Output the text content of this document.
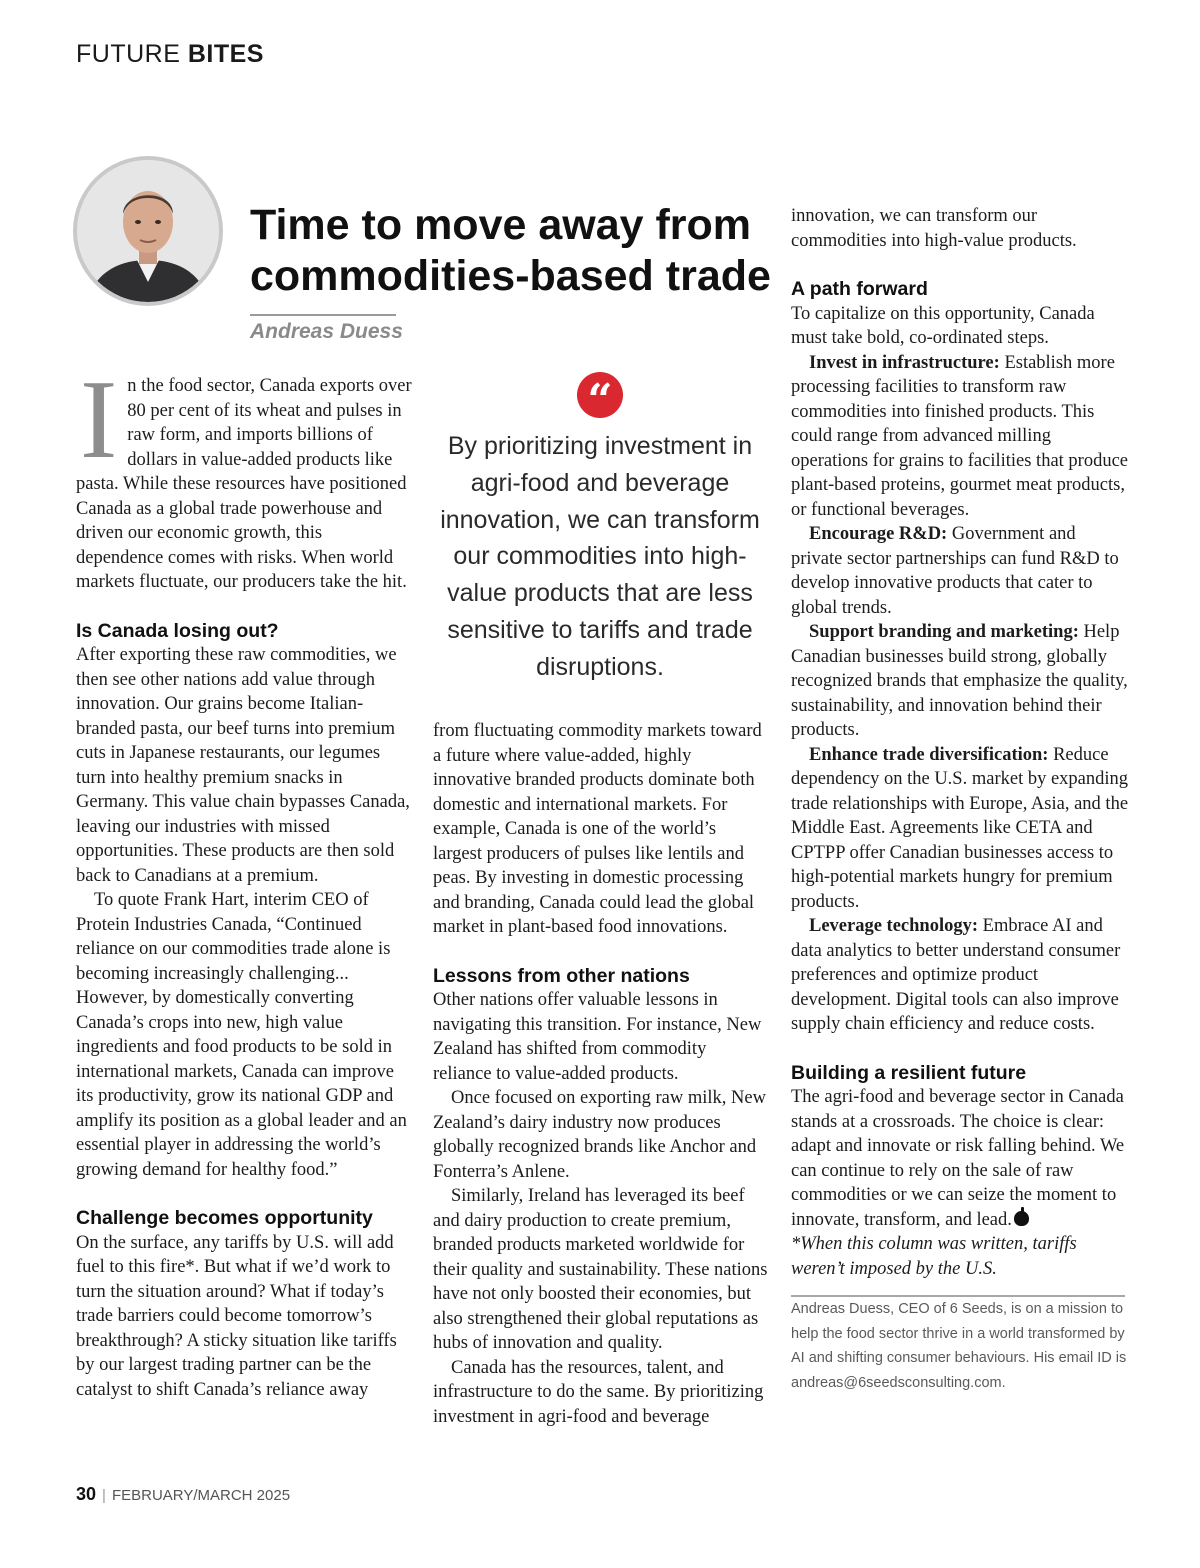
FUTURE BITES
Time to move away from commodities-based trade
Andreas Duess

In the food sector, Canada exports over 80 per cent of its wheat and pulses in raw form, and imports billions of dollars in value-added products like pasta. While these resources have positioned Canada as a global trade powerhouse and driven our economic growth, this dependence comes with risks. When world markets fluctuate, our producers take the hit.

Is Canada losing out?

After exporting these raw commodities, we then see other nations add value through innovation. Our grains become Italian-branded pasta, our beef turns into premium cuts in Japanese restaurants, our legumes turn into healthy premium snacks in Germany. This value chain bypasses Canada, leaving our industries with missed opportunities. These products are then sold back to Canadians at a premium.

To quote Frank Hart, interim CEO of Protein Industries Canada, “Continued reliance on our commodities trade alone is becoming increasingly challenging... However, by domestically converting Canada’s crops into new, high value ingredients and food products to be sold in international markets, Canada can improve its productivity, grow its national GDP and amplify its position as a global leader and an essential player in addressing the world’s growing demand for healthy food.”

Challenge becomes opportunity

On the surface, any tariffs by U.S. will add fuel to this fire*. But what if we’d work to turn the situation around? What if today’s trade barriers could become tomorrow’s breakthrough? A sticky situation like tariffs by our largest trading partner can be the catalyst to shift Canada’s reliance away

“
By prioritizing investment in agri-food and beverage innovation, we can transform our commodities into high-value products that are less sensitive to tariffs and trade disruptions.

from fluctuating commodity markets toward a future where value-added, highly innovative branded products dominate both domestic and international markets. For example, Canada is one of the world’s largest producers of pulses like lentils and peas. By investing in domestic processing and branding, Canada could lead the global market in plant-based food innovations.

Lessons from other nations

Other nations offer valuable lessons in navigating this transition. For instance, New Zealand has shifted from commodity reliance to value-added products.

Once focused on exporting raw milk, New Zealand’s dairy industry now produces globally recognized brands like Anchor and Fonterra’s Anlene.

Similarly, Ireland has leveraged its beef and dairy production to create premium, branded products marketed worldwide for their quality and sustainability. These nations have not only boosted their economies, but also strengthened their global reputations as hubs of innovation and quality.

Canada has the resources, talent, and infrastructure to do the same. By prioritizing investment in agri-food and beverage

innovation, we can transform our commodities into high-value products.

A path forward

To capitalize on this opportunity, Canada must take bold, co-ordinated steps.

Invest in infrastructure: Establish more processing facilities to transform raw commodities into finished products. This could range from advanced milling operations for grains to facilities that produce plant-based proteins, gourmet meat products, or functional beverages.

Encourage R&D: Government and private sector partnerships can fund R&D to develop innovative products that cater to global trends.

Support branding and marketing: Help Canadian businesses build strong, globally recognized brands that emphasize the quality, sustainability, and innovation behind their products.

Enhance trade diversification: Reduce dependency on the U.S. market by expanding trade relationships with Europe, Asia, and the Middle East. Agreements like CETA and CPTPP offer Canadian businesses access to high-potential markets hungry for premium products.

Leverage technology: Embrace AI and data analytics to better understand consumer preferences and optimize product development. Digital tools can also improve supply chain efficiency and reduce costs.

Building a resilient future

The agri-food and beverage sector in Canada stands at a crossroads. The choice is clear: adapt and innovate or risk falling behind. We can continue to rely on the sale of raw commodities or we can seize the moment to innovate, transform, and lead.

*When this column was written, tariffs weren’t imposed by the U.S.

Andreas Duess, CEO of 6 Seeds, is on a mission to help the food sector thrive in a world transformed by AI and shifting consumer behaviours. His email ID is andreas@6seedsconsulting.com.

30 | FEBRUARY/MARCH 2025
